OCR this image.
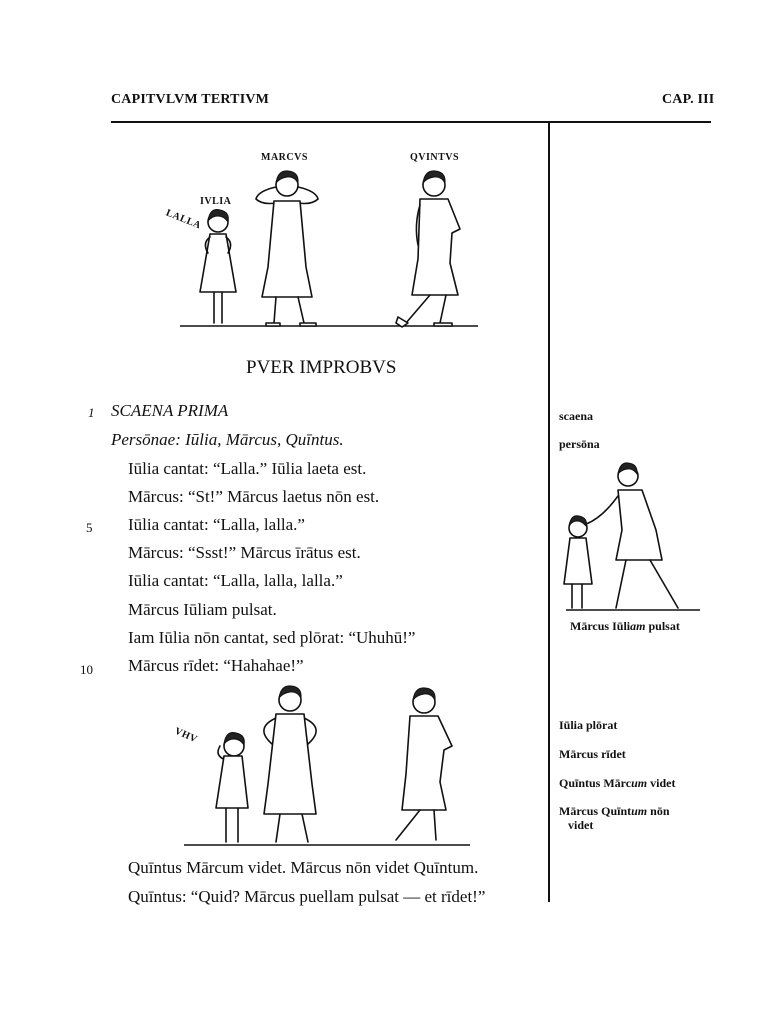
CAPITVLVM TERTIVM	CAP. III
MARCVS	QVINTVS
IVLIA
LALLA
PVER IMPROBVS
1
5
10
SCAENA PRIMA
Persōnae: Iūlia, Mārcus, Quīntus.
Iūlia cantat: “Lalla.” Iūlia laeta est.
Mārcus: “St!” Mārcus laetus nōn est.
Iūlia cantat: “Lalla, lalla.”
Mārcus: “Ssst!” Mārcus īrātus est.
Iūlia cantat: “Lalla, lalla, lalla.”
Mārcus Iūliam pulsat.
Iam Iūlia nōn cantat, sed plōrat: “Uhuhū!”
Mārcus rīdet: “Hahahae!”
VHV
Quīntus Mārcum videt. Mārcus nōn videt Quīntum.
Quīntus: “Quid? Mārcus puellam pulsat — et rīdet!”
scaena
persōna
Mārcus Iūliam pulsat
Iūlia plōrat
Mārcus rīdet
Quīntus Mārcum videt
Mārcus Quīntum nōn
videt
